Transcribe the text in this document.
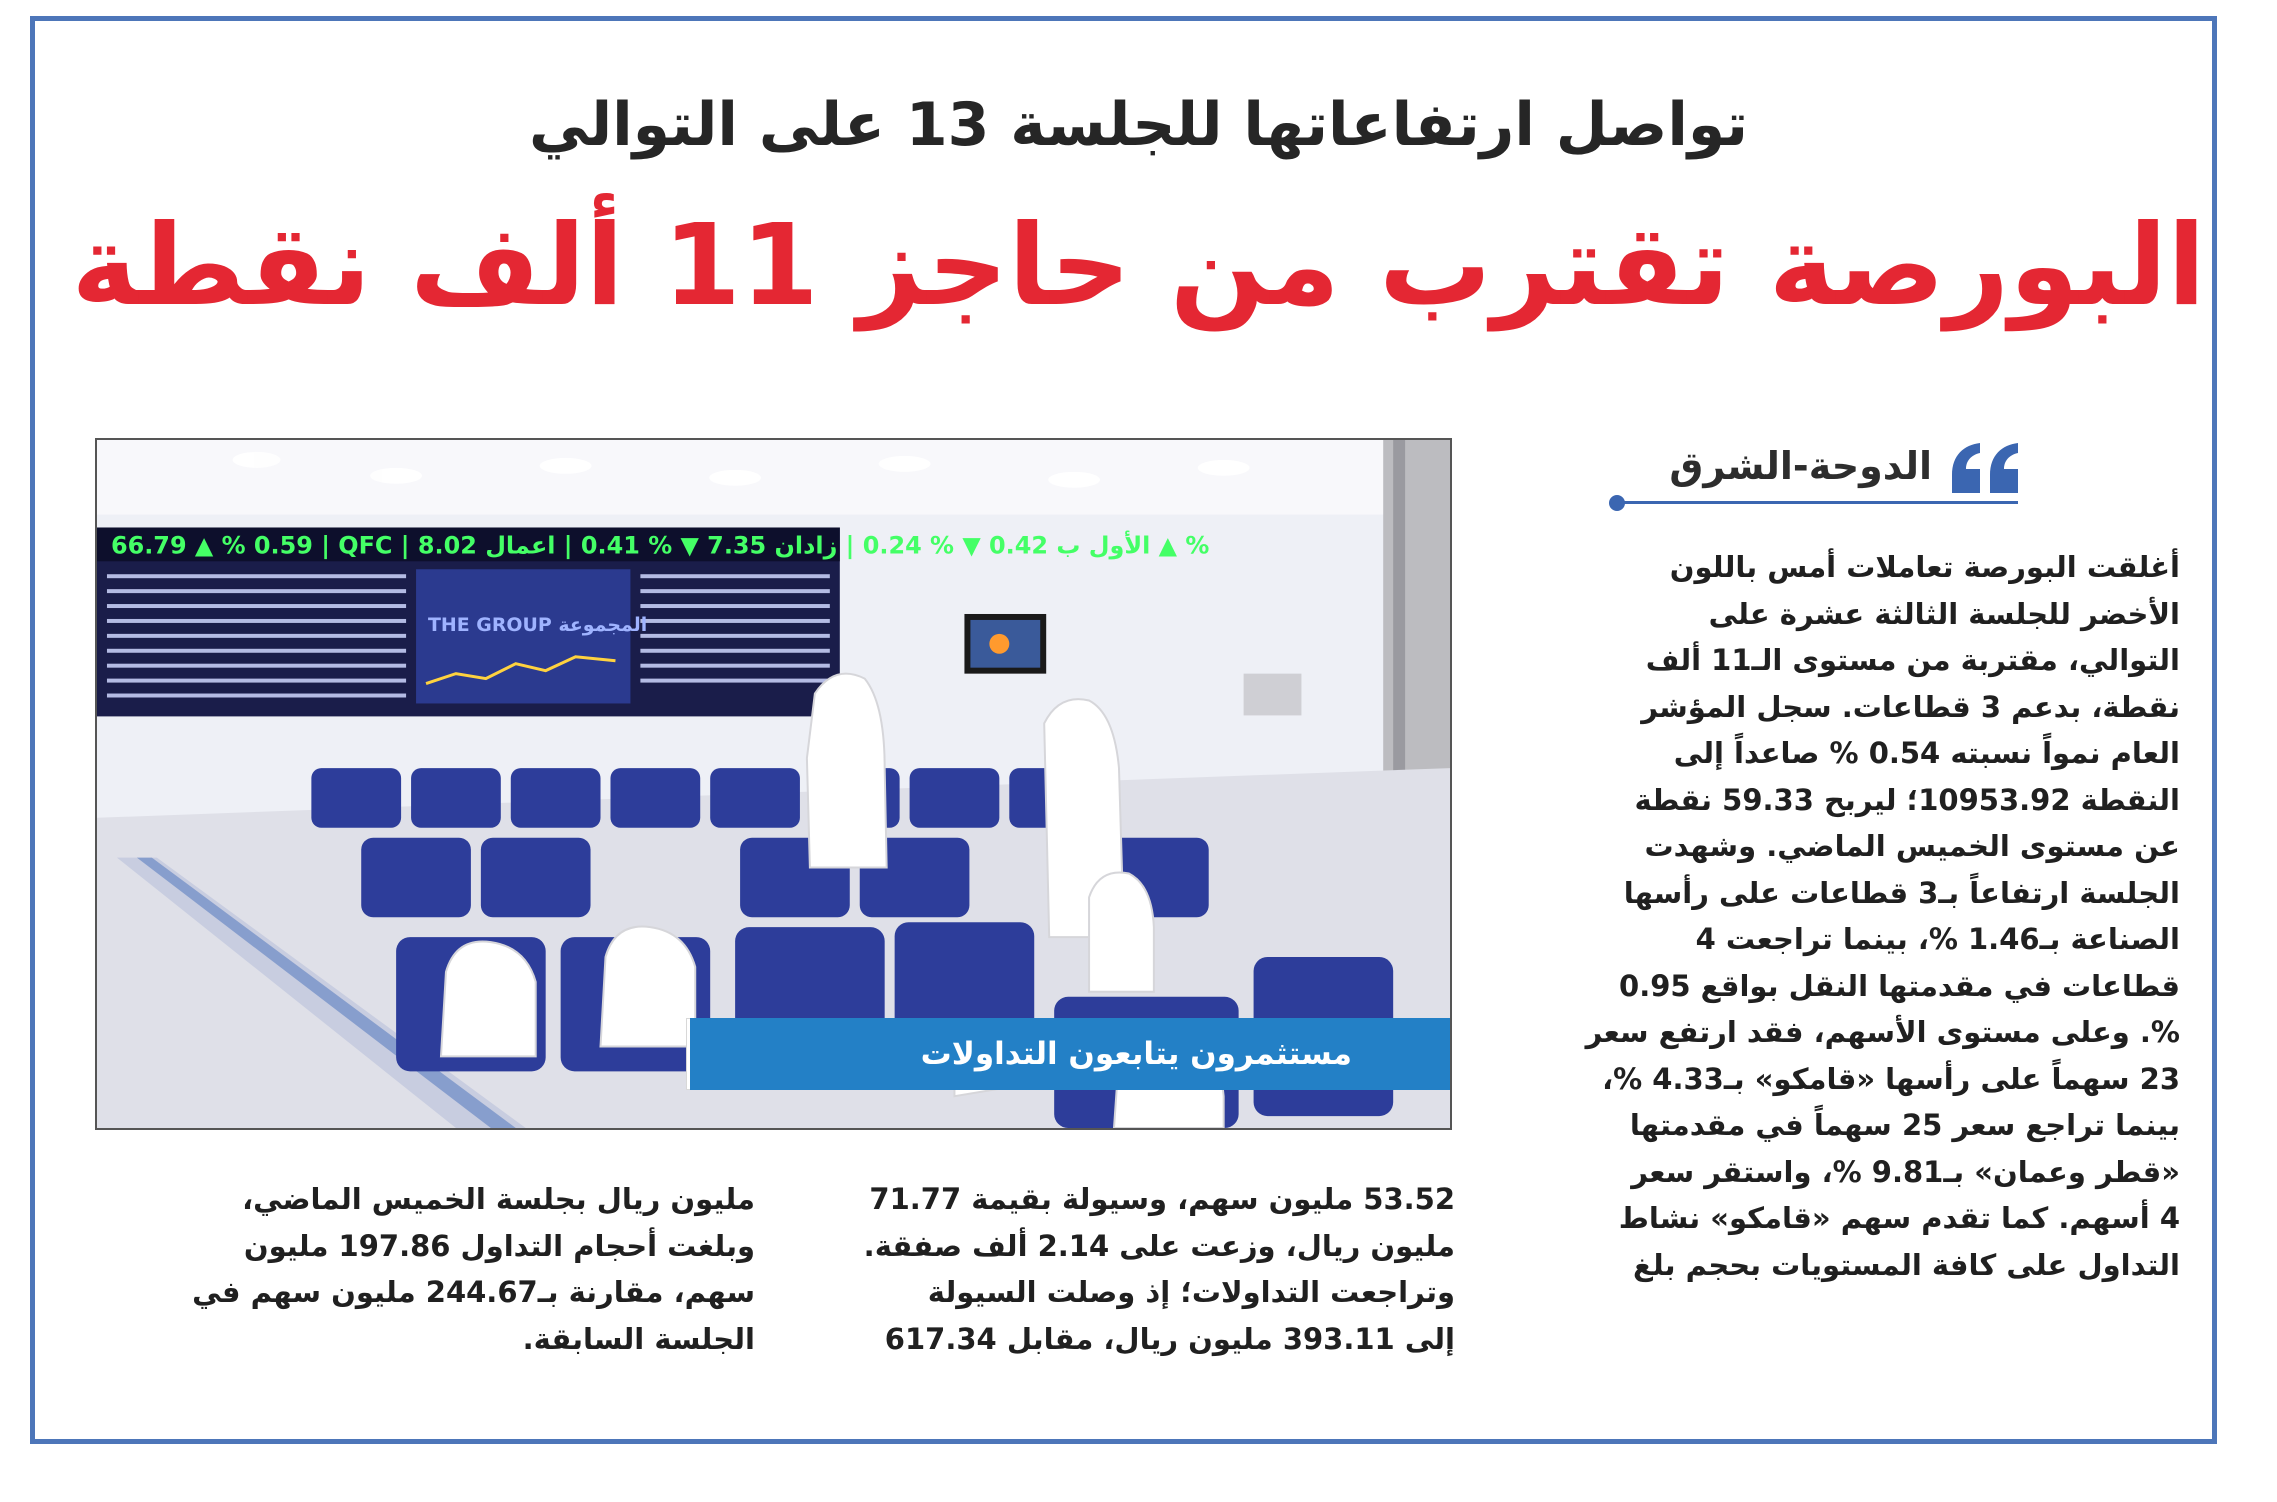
تواصل ارتفاعاتها للجلسة 13 على التوالي
البورصة تقترب من حاجز 11 ألف نقطة
الدوحة-الشرق
66.79 ▲ % 0.59 | QFC | الأول ب 0.42 ▼ % 0.24 | زادان 7.35 ▼ % 0.41 | اعمال 8.02 ▲ %
THE GROUP المجموعة
مستثمرون يتابعون التداولات
أغلقت البورصة تعاملات أمس باللون
الأخضر للجلسة الثالثة عشرة على
التوالي، مقتربة من مستوى الـ11 ألف
نقطة، بدعم 3 قطاعات. سجل المؤشر
العام نمواً نسبته 0.54 % صاعداً إلى
النقطة 10953.92؛ ليربح 59.33 نقطة
عن مستوى الخميس الماضي. وشهدت
الجلسة ارتفاعاً بـ3 قطاعات على رأسها
الصناعة بـ1.46 %، بينما تراجعت 4
قطاعات في مقدمتها النقل بواقع 0.95
%. وعلى مستوى الأسهم، فقد ارتفع سعر
23 سهماً على رأسها «قامكو» بـ4.33 %،
بينما تراجع سعر 25 سهماً في مقدمتها
«قطر وعمان» بـ9.81 %، واستقر سعر
4 أسهم. كما تقدم سهم «قامكو» نشاط
التداول على كافة المستويات بحجم بلغ
53.52 مليون سهم، وسيولة بقيمة 71.77
مليون ريال، وزعت على 2.14 ألف صفقة.
وتراجعت التداولات؛ إذ وصلت السيولة
إلى 393.11 مليون ريال، مقابل 617.34
مليون ريال بجلسة الخميس الماضي،
وبلغت أحجام التداول 197.86 مليون
سهم، مقارنة بـ244.67 مليون سهم في
الجلسة السابقة.
